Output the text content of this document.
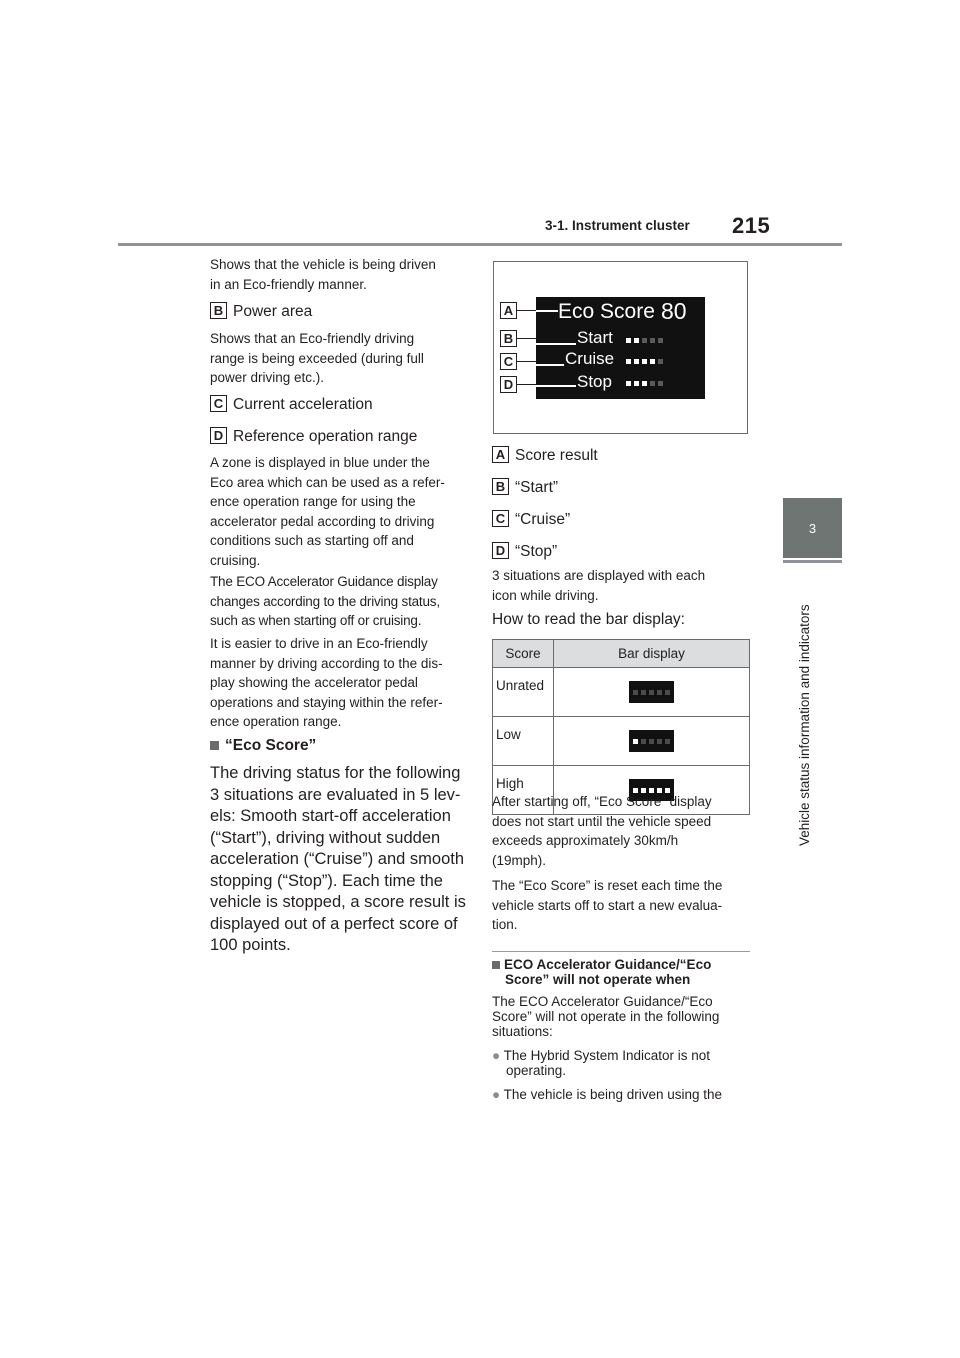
3-1. Instrument cluster 215
3
Vehicle status information and indicators
Shows that the vehicle is being driven
in an Eco-friendly manner.
B Power area
Shows that an Eco-friendly driving
range is being exceeded (during full
power driving etc.).
C Current acceleration
D Reference operation range
A zone is displayed in blue under the
Eco area which can be used as a refer-
ence operation range for using the
accelerator pedal according to driving
conditions such as starting off and
cruising.
The ECO Accelerator Guidance display
changes according to the driving status,
such as when starting off or cruising.
It is easier to drive in an Eco-friendly
manner by driving according to the dis-
play showing the accelerator pedal
operations and staying within the refer-
ence operation range.
“Eco Score”
The driving status for the following
3 situations are evaluated in 5 lev-
els: Smooth start-off acceleration
(“Start”), driving without sudden
acceleration (“Cruise”) and smooth
stopping (“Stop”). Each time the
vehicle is stopped, a score result is
displayed out of a perfect score of
100 points.
A
B
C
D
Eco Score 80
Start
Cruise
Stop
A Score result
B “Start”
C “Cruise”
D “Stop”
3 situations are displayed with each
icon while driving.
How to read the bar display:
Score	Bar display
Unrated	

Low	

High	
After starting off, “Eco Score” display
does not start until the vehicle speed
exceeds approximately 30km/h
(19mph).
The “Eco Score” is reset each time the
vehicle starts off to start a new evalua-
tion.
ECO Accelerator Guidance/“Eco
Score” will not operate when
The ECO Accelerator Guidance/“Eco
Score” will not operate in the following
situations:
● The Hybrid System Indicator is not
operating.
● The vehicle is being driven using the
